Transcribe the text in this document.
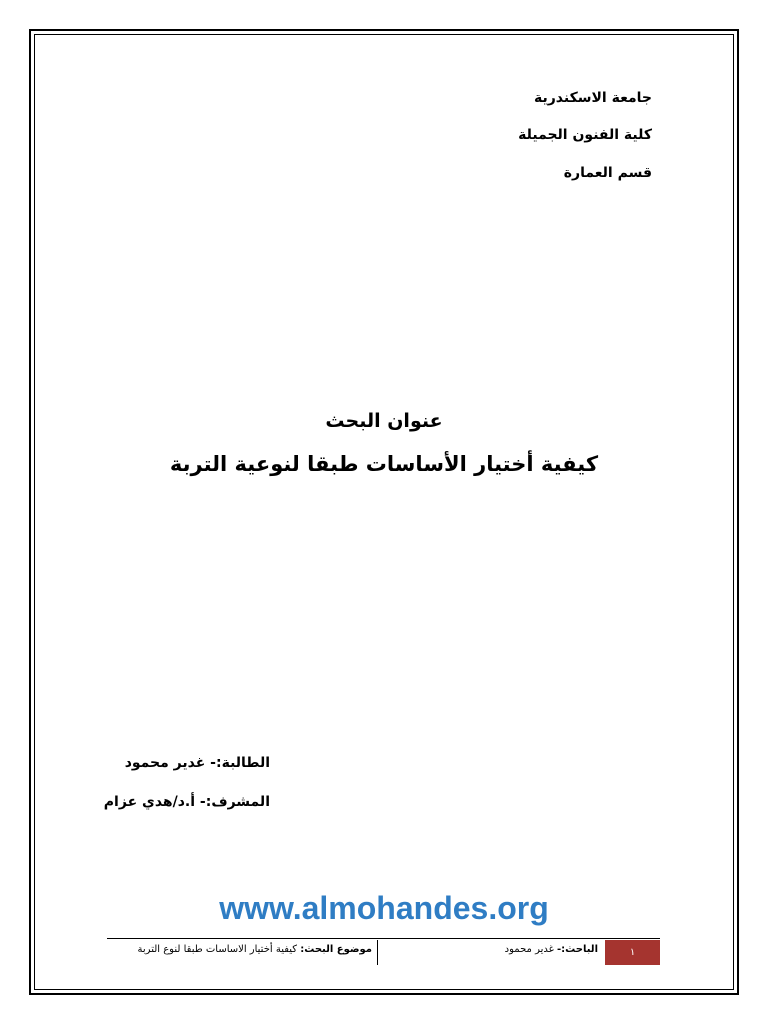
جامعة الاسكندرية
كلية الفنون الجميلة
قسم العمارة
عنوان البحث
كيفية أختيار الأساسات طبقا لنوعية التربة
الطالبة:- غدير محمود
المشرف:- أ.د/هدي عزام
www.almohandes.org
١
الباحث:- غدير محمود
موضوع البحث: كيفية أختيار الاساسات طبقا لنوع التربة
